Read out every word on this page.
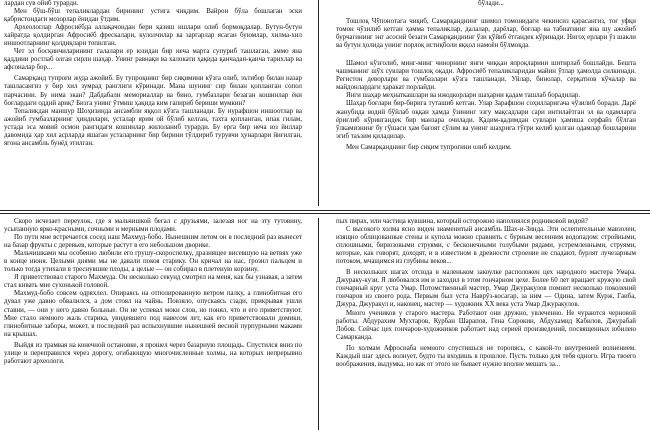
лардан сув ойиб турарди.

Мен бўш-бўш тепаликлардан бирининг устига чиқдим. Вайрон бўла бошлаган эски қабристондаги мозорлар ёнидан ўтдим.

Археологлар Афросиёбда аллақачондан бери қазиш ишлари олиб бормоқдалар. Бутун-бутун хайратда қолдирган Афросиёб фрескалари, кулолчилар ва заргарлар ясаган буюмлар, хилма-хил иншоотларнинг қолдиқлари топилган.

Чет эл босқинчиларининг галалари ер юзидан бир неча марта супуриб ташлаган, аммо яна қаддини ростлаб олган сирли шаҳар. Унинг равнақи ва халокати ҳақида қанчадан-қанча тарихлар ва афсоналар бор...

Самарқанд тупроғи жуда ажойиб. Бу тупроқнинг бир сиқимини кўзга олиб, эътибор билан назар ташласангиз у бир хил зумрад ранглиги кўринади. Мана шунинг сир билан қопланган сопол парчасини. Бу нима экан? Дабдабали мемориаллар ва бино, гумбазлари безаган кошинлар ёки боғлардаги оддий ариқ? Бизга унинг ўтмиш ҳақида ким гапириб бериши мумкин?

Тепаликдан маншур Шоҳизинда ансамбли яққол кўзга ташланади. Бу нурафшон иншоотлар ва ажойиб гумбазларнинг ҳиндилари, усталар ярим ой бўлиб келган, тахта қопланган, ипак гилам, устада эса мовий осмон рангидаги кошинлар жилоланиб турарди. Бу ерга бир неча юз йиллар давомида ҳар хил асрларда яшаган усталарнинг бир бирини тўлдириб турувчи ҳунарлари йиғилган, ягона ансамбль бунёд этилган.

бўлади...

Тошлоқ Чўпонотага чиқиб, Самарқанднинг шимол томонидаги чекинсиз қарасангиз, тоғ уфқи томон чўзилиб кетган ҳамма тепаликлар, далалар, дарёлар, боғлар ва табиатнинг яна шу ажойиб бурчагининг энг асосий безаги Самарқанднинг ўзи қўйиб ётгандек кўринади. Нигоҳ ерлари ўз шакли ва бутун ҳолида унинг порлоқ истиқболи яққол намоён бўлмоқда.

Шамол кўзғолиб, минг-минг чинорнинг янги чиққан япроқларини шитирлаб бошлайди. Бешта чашманинг шўх сувлари тошлоқ оқади. Афросиёб тепаликларидан майин ўтлар ҳамолда силкинади. Регистон деворлари ва гумбазлари кўзга ташланади. Уйлар, бинолар, серқатнов кўчалар ва майдонлардаги ҳаракат порлайди.

Янги шаҳар меҳнаткашлари ва ижодкорлари шаҳарни қадам ташлаб борадилар.

Шаҳар боғлари бир-бирига туташиб кетган. Улар Зарафшон соҳилларигача чўзилиб боради. Дарё жанубида водий бўйлаб оққан ҳамда ўзининг эзгу мақсадлари сари интилаётган эл ва одамларга ёриғлиб кўрингандек бир манзара очилади. Қадим-қадимдан сувлари ҳамиша серфайз бўлган ўлкамизнинг бу гўшаси ҳам бағоят сўлим ва унинг шаҳрига тўғри келиб қолган одамлар бошларини эгиб таъзим қиладилар.

Мен Самарқанднинг бир сиқим тупроғини олиб келдим.

Скоро исчезает переулок, где я мальчишкой бегал с друзьями, залезая ног на эту тутовину, усыпанную ярко-красными, сочными и мерными плодами.

По пути мне встречается сосед наш Махмуд-бобо. Нынешним летом он в последний раз вынесет на базар фрукты с деревьев, которые растут в его небольшом дворике.

Мальчишками мы особенно любили его грушу-скороспелку, дразнящее висевшую на ветвях уже в конце июня. Целыми днями мы не давали покоя старику. Он кричал на нас, грозил пальцем и только тогда утихали в треснувшие плоды, а целые — он собирал в плетеную корзину.

Я приветствовал старого Махмуда. Он несколько секунд смотрел на меня, как бы узнавая, а затем стал кивать мне сухонькой головой.

Махмуд-бобо совсем одряхлел. Опираясь на отполированную ветром палку, а глинобитная его дувал уже давно обвалился, а дом стоял на чайнь. Повзяло, опускаясь сзади, прикрывая ушли ставни, — они у него давно больные. Он не успевал мокн слов, но понял, что и его приветствуют. Мне стало немного жаль старика, увидевшего под навесом лет, как его приветствовали домики, глинобитные заборы, может, в последний раз вспыхнувшие нынешней весной пурпурными маками на крышах.

Выйдя из трамвая на конечной остановке, я прошел через базарную площадь. Спустился вниз по улице и переправился через дорогу, огибающую многочисленные холмы, на которых непрерывно работают археологи.

пых пирах, или частица кувшина, который осторожно наполнялся родниковой водой?

С высокого холма ясно виден знаменитый ансамбль Шах-и-Зинда. Эти ослепительные мавзолеи, изящно облицованные стены и купола можно сравнить с бурным весенним водопадом: стройными, сплошными, бирюзовыми струями, с бесконечными голубыми рядами, устремленными, струями, которые, как говорят, доходят, и в известном в древности строение не спадают, бурлят лучезарным потоком, мчащимся из глубины веков...

В нескольких шагах отсюда в маленьком закоулке расположен цех народного мастера Умара. Джураку-кузи. Я любовался им и заходил в этом гончарном цехе. Более 60 лет вращает кружую свой гончарный круг уста Умар. Потомственный мастер, Умар Джуракулов помнит несколько поколений гончаров из своего рода. Первым был уста Наврӯз-косагар, за ним — Одина, затем Курж, Гаиба, Джура, Джуракул и, наконец, мастер — художник XX века уста Умар Джуракулов.

Много учеников у старого мастера. Работают они дружно, увлеченно. Не чураются черновой работы. Абдурахим Мухтаров, Курбан Шарапов, Гена Сорокин, Абдухамид Кабилов, Джурабай Лобов. Сейчас цех гончаров-художников работает над серией произведений, посвященных юбилею Самарканда.

По холмам Афросиаба немного спустишься не торопясь, с какой-то внутренней волнением. Каждый шаг здесь волнует, будто ты входишь в прошлое. Пусть только для тебя одного. Игра твоего воображения, выдумка, но как от этого не бывает нужно вполне мешать за...
